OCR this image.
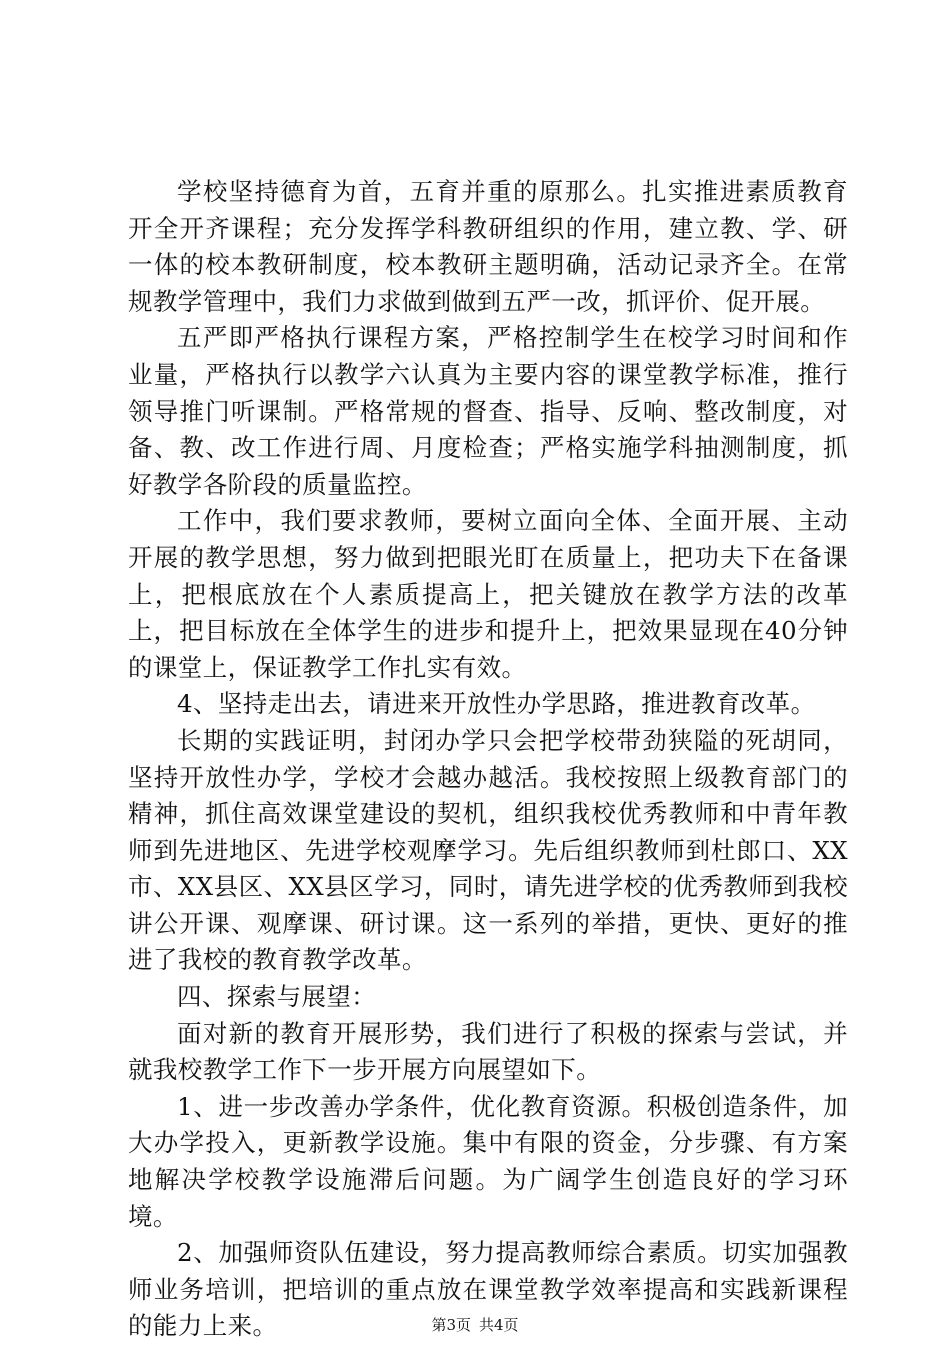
学校坚持德育为首，五育并重的原那么。扎实推进素质教育开全开齐课程；充分发挥学科教研组织的作用，建立教、学、研一体的校本教研制度，校本教研主题明确，活动记录齐全。在常规教学管理中，我们力求做到做到五严一改，抓评价、促开展。

五严即严格执行课程方案，严格控制学生在校学习时间和作业量，严格执行以教学六认真为主要内容的课堂教学标准，推行领导推门听课制。严格常规的督查、指导、反响、整改制度，对备、教、改工作进行周、月度检查；严格实施学科抽测制度，抓好教学各阶段的质量监控。

工作中，我们要求教师，要树立面向全体、全面开展、主动开展的教学思想，努力做到把眼光盯在质量上，把功夫下在备课上，把根底放在个人素质提高上，把关键放在教学方法的改革上，把目标放在全体学生的进步和提升上，把效果显现在40分钟的课堂上，保证教学工作扎实有效。

4、坚持走出去，请进来开放性办学思路，推进教育改革。

长期的实践证明，封闭办学只会把学校带劲狭隘的死胡同，坚持开放性办学，学校才会越办越活。我校按照上级教育部门的精神，抓住高效课堂建设的契机，组织我校优秀教师和中青年教师到先进地区、先进学校观摩学习。先后组织教师到杜郎口、XX市、XX县区、XX县区学习，同时，请先进学校的优秀教师到我校讲公开课、观摩课、研讨课。这一系列的举措，更快、更好的推进了我校的教育教学改革。

四、探索与展望：

面对新的教育开展形势，我们进行了积极的探索与尝试，并就我校教学工作下一步开展方向展望如下。

1、进一步改善办学条件，优化教育资源。积极创造条件，加大办学投入，更新教学设施。集中有限的资金，分步骤、有方案地解决学校教学设施滞后问题。为广阔学生创造良好的学习环境。

2、加强师资队伍建设，努力提高教师综合素质。切实加强教师业务培训，把培训的重点放在课堂教学效率提高和实践新课程的能力上来。	第3页 共4页
